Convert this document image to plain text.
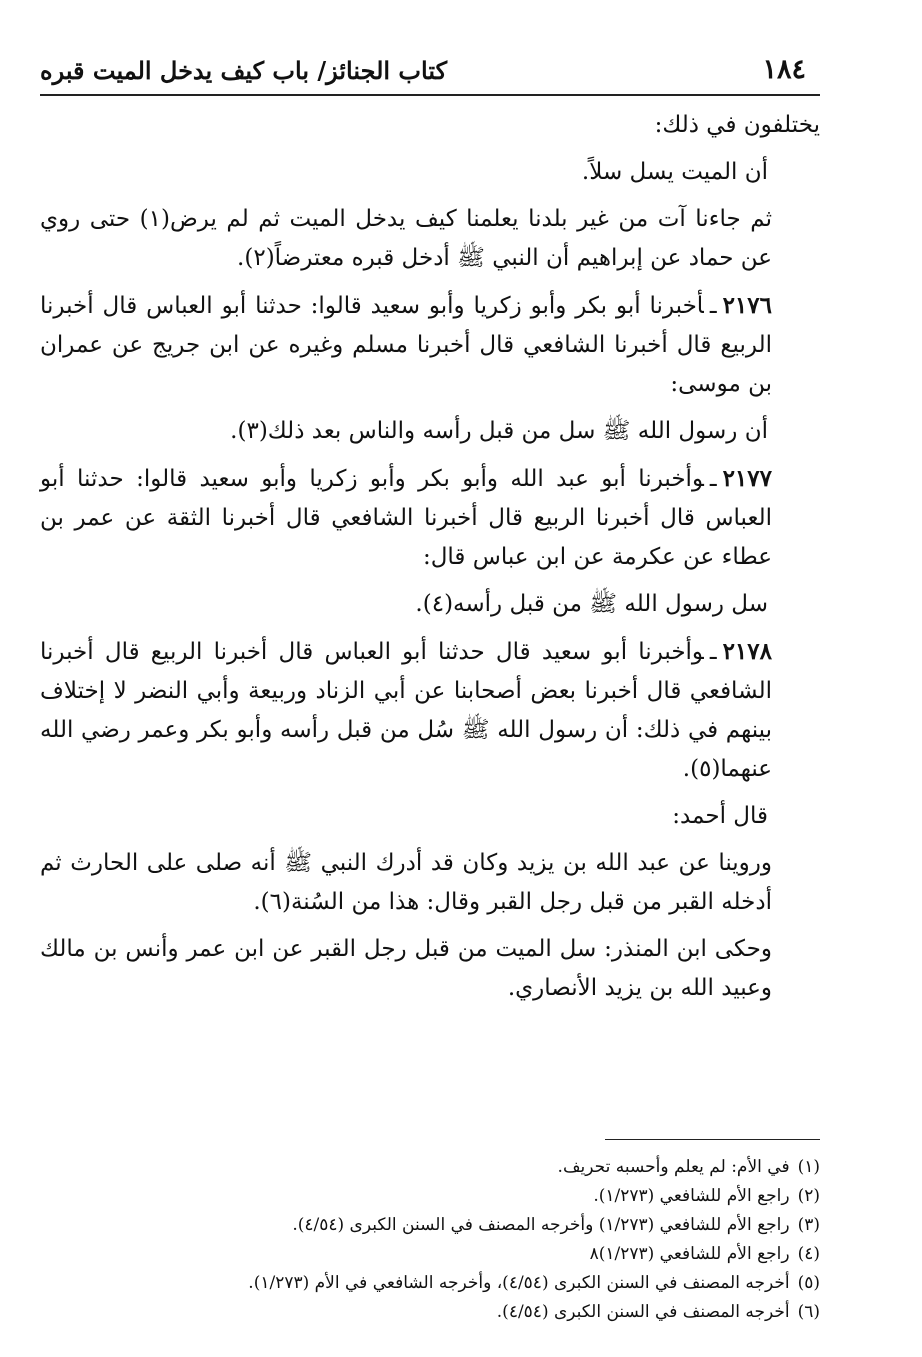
١٨٤
كتاب الجنائز/ باب كيف يدخل الميت قبره

يختلفون في ذلك:

أن الميت يسل سلاً.

ثم جاءنا آت من غير بلدنا يعلمنا كيف يدخل الميت ثم لم يرض(١) حتى روي عن حماد عن إبراهيم أن النبي ﷺ أدخل قبره معترضاً(٢).

٢١٧٦ـأخبرنا أبو بكر وأبو زكريا وأبو سعيد قالوا: حدثنا أبو العباس قال أخبرنا الربيع قال أخبرنا الشافعي قال أخبرنا مسلم وغيره عن ابن جريج عن عمران بن موسى:

أن رسول الله ﷺ سل من قبل رأسه والناس بعد ذلك(٣).

٢١٧٧ـوأخبرنا أبو عبد الله وأبو بكر وأبو زكريا وأبو سعيد قالوا: حدثنا أبو العباس قال أخبرنا الربيع قال أخبرنا الشافعي قال أخبرنا الثقة عن عمر بن عطاء عن عكرمة عن ابن عباس قال:

سل رسول الله ﷺ من قبل رأسه(٤).

٢١٧٨ـوأخبرنا أبو سعيد قال حدثنا أبو العباس قال أخبرنا الربيع قال أخبرنا الشافعي قال أخبرنا بعض أصحابنا عن أبي الزناد وربيعة وأبي النضر لا إختلاف بينهم في ذلك: أن رسول الله ﷺ سُل من قبل رأسه وأبو بكر وعمر رضي الله عنهما(٥).

قال أحمد:

وروينا عن عبد الله بن يزيد وكان قد أدرك النبي ﷺ أنه صلى على الحارث ثم أدخله القبر من قبل رجل القبر وقال: هذا من السُنة(٦).

وحكى ابن المنذر: سل الميت من قبل رجل القبر عن ابن عمر وأنس بن مالك وعبيد الله بن يزيد الأنصاري.

(١)
في الأم: لم يعلم وأحسبه تحريف.
(٢)
راجع الأم للشافعي (١/٢٧٣).
(٣)
راجع الأم للشافعي (١/٢٧٣) وأخرجه المصنف في السنن الكبرى (٤/٥٤).
(٤)
راجع الأم للشافعي (١/٢٧٣)٨
(٥)
أخرجه المصنف في السنن الكبرى (٤/٥٤)، وأخرجه الشافعي في الأم (١/٢٧٣).
(٦)
أخرجه المصنف في السنن الكبرى (٤/٥٤).
